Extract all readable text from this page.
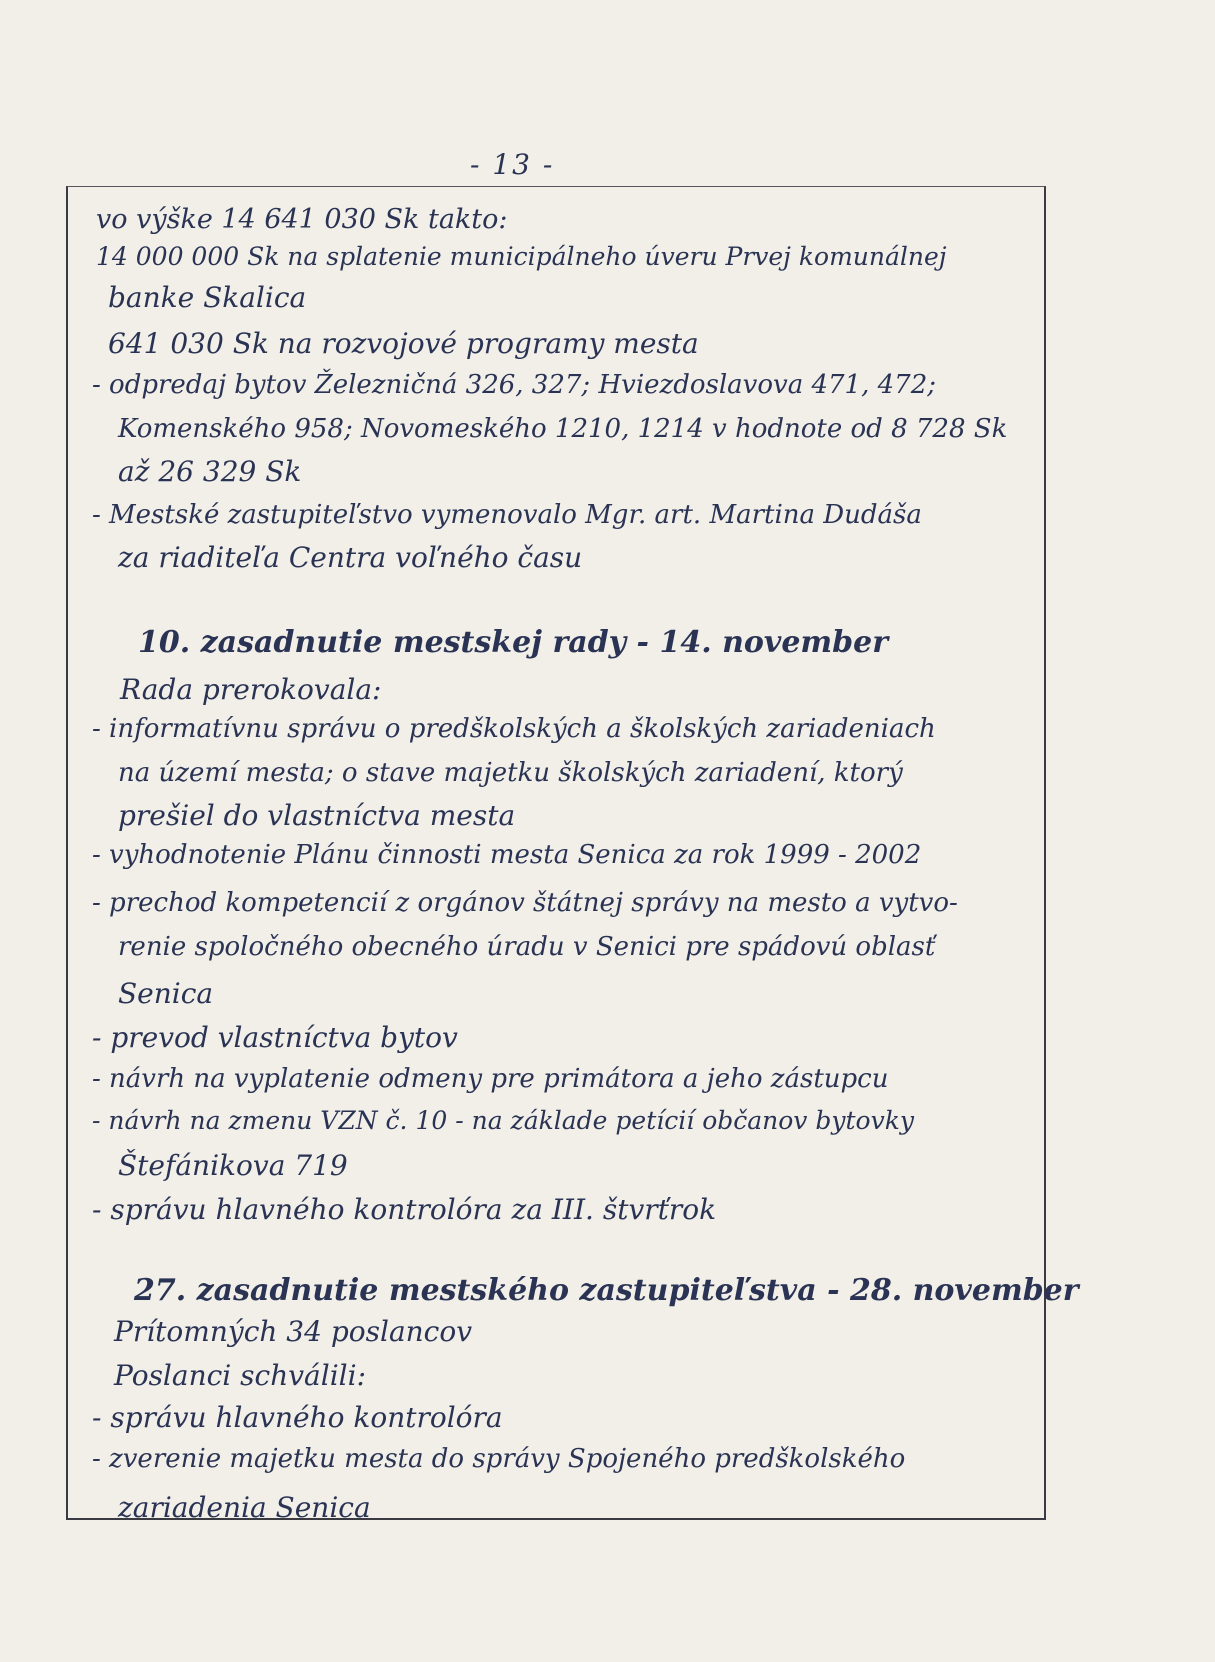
- 13 -
vo výške 14 641 030 Sk takto:
14 000 000 Sk na splatenie municipálneho úveru Prvej komunálnej
banke Skalica
641 030 Sk na rozvojové programy mesta
- odpredaj bytov Železničná 326, 327; Hviezdoslavova 471, 472;
Komenského 958; Novomeského 1210, 1214 v hodnote od 8 728 Sk
až 26 329 Sk
- Mestské zastupiteľstvo vymenovalo Mgr. art. Martina Dudáša
za riaditeľa Centra voľného času
10. zasadnutie mestskej rady - 14. november
Rada prerokovala:
- informatívnu správu o predškolských a školských zariadeniach
na území mesta; o stave majetku školských zariadení, ktorý
prešiel do vlastníctva mesta
- vyhodnotenie Plánu činnosti mesta Senica za rok 1999 - 2002
- prechod kompetencií z orgánov štátnej správy na mesto a vytvo-
renie spoločného obecného úradu v Senici pre spádovú oblasť
Senica
- prevod vlastníctva bytov
- návrh na vyplatenie odmeny pre primátora a jeho zástupcu
- návrh na zmenu VZN č. 10 - na základe petícií občanov bytovky
Štefánikova 719
- správu hlavného kontrolóra za III. štvrťrok
27. zasadnutie mestského zastupiteľstva - 28. november
Prítomných 34 poslancov
Poslanci schválili:
- správu hlavného kontrolóra
- zverenie majetku mesta do správy Spojeného predškolského
zariadenia Senica
